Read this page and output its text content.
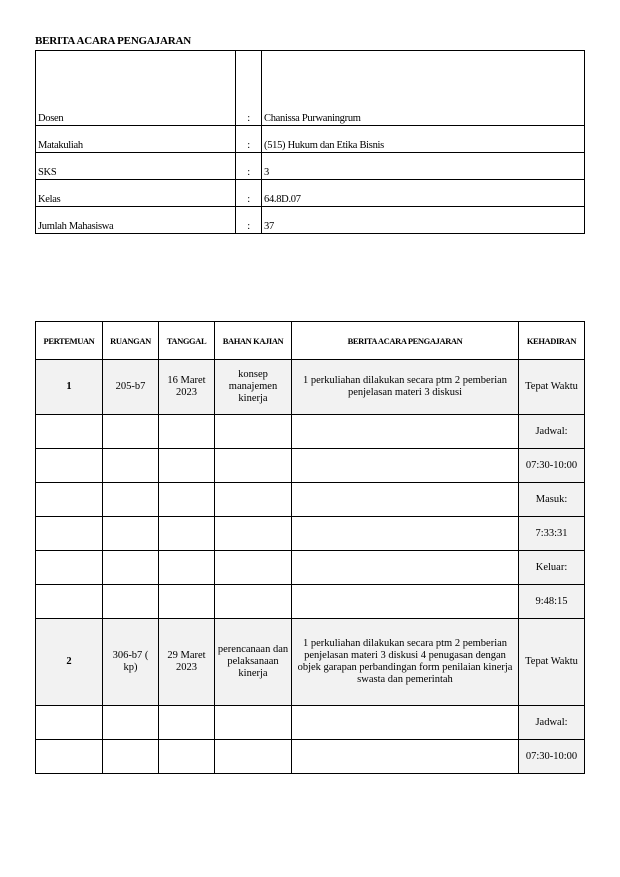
BERITA ACARA PENGAJARAN
Dosen	:	Chanissa Purwaningrum
Matakuliah	:	(515) Hukum dan Etika Bisnis
SKS	:	3
Kelas	:	64.8D.07
Jumlah Mahasiswa	:	37
PERTEMUAN	RUANGAN	TANGGAL	BAHAN KAJIAN	BERITA ACARA PENGAJARAN	KEHADIRAN
1	205-b7	16 Maret 2023	konsep manajemen kinerja	1 perkuliahan dilakukan secara ptm 2 pemberian penjelasan materi 3 diskusi	Tepat Waktu
					Jadwal:
					07:30-10:00
					Masuk:
					7:33:31
					Keluar:
					9:48:15
2	306-b7 ( kp)	29 Maret 2023	perencanaan dan pelaksanaan kinerja	1 perkuliahan dilakukan secara ptm 2 pemberian penjelasan materi 3 diskusi 4 penugasan dengan objek garapan perbandingan form penilaian kinerja swasta dan pemerintah	Tepat Waktu
					Jadwal:
					07:30-10:00
